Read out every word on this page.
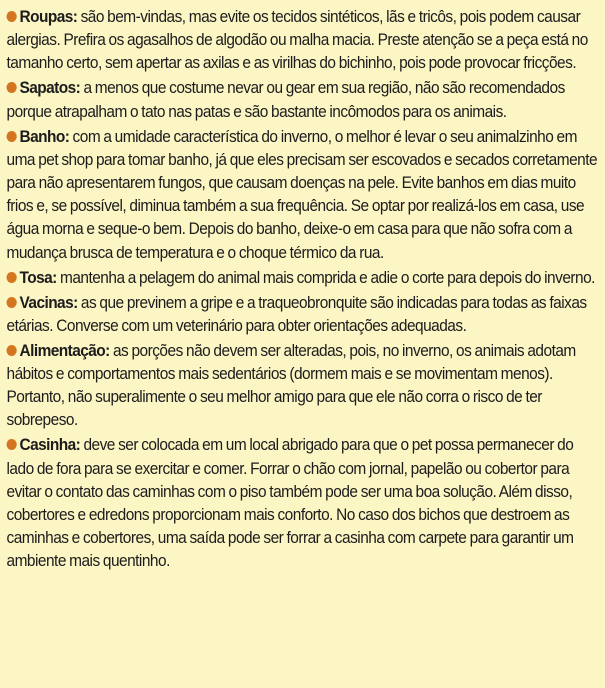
Roupas: são bem-vindas, mas evite os tecidos sintéticos, lãs e tricôs, pois podem causar alergias. Prefira os agasalhos de algodão ou malha macia. Preste atenção se a peça está no tamanho certo, sem apertar as axilas e as virilhas do bichinho, pois pode provocar fricções.

Sapatos: a menos que costume nevar ou gear em sua região, não são recomendados porque atrapalham o tato nas patas e são bastante incômodos para os animais.

Banho: com a umidade característica do inverno, o melhor é levar o seu animalzinho em uma pet shop para tomar banho, já que eles precisam ser escovados e secados corretamente para não apresentarem fungos, que causam doenças na pele. Evite banhos em dias muito frios e, se possível, diminua também a sua frequência. Se optar por realizá-los em casa, use água morna e seque-o bem. Depois do banho, deixe-o em casa para que não sofra com a mudança brusca de temperatura e o choque térmico da rua.

Tosa: mantenha a pelagem do animal mais comprida e adie o corte para depois do inverno.

Vacinas: as que previnem a gripe e a traqueobronquite são indicadas para todas as faixas etárias. Converse com um veterinário para obter orientações adequadas.

Alimentação: as porções não devem ser alteradas, pois, no inverno, os animais adotam hábitos e comportamentos mais sedentários (dormem mais e se movimentam menos). Portanto, não superalimente o seu melhor amigo para que ele não corra o risco de ter sobrepeso.

Casinha: deve ser colocada em um local abrigado para que o pet possa permanecer do lado de fora para se exercitar e comer. Forrar o chão com jornal, papelão ou cobertor para evitar o contato das caminhas com o piso também pode ser uma boa solução. Além disso, cobertores e edredons proporcionam mais conforto. No caso dos bichos que destroem as caminhas e cobertores, uma saída pode ser forrar a casinha com carpete para garantir um ambiente mais quentinho.
